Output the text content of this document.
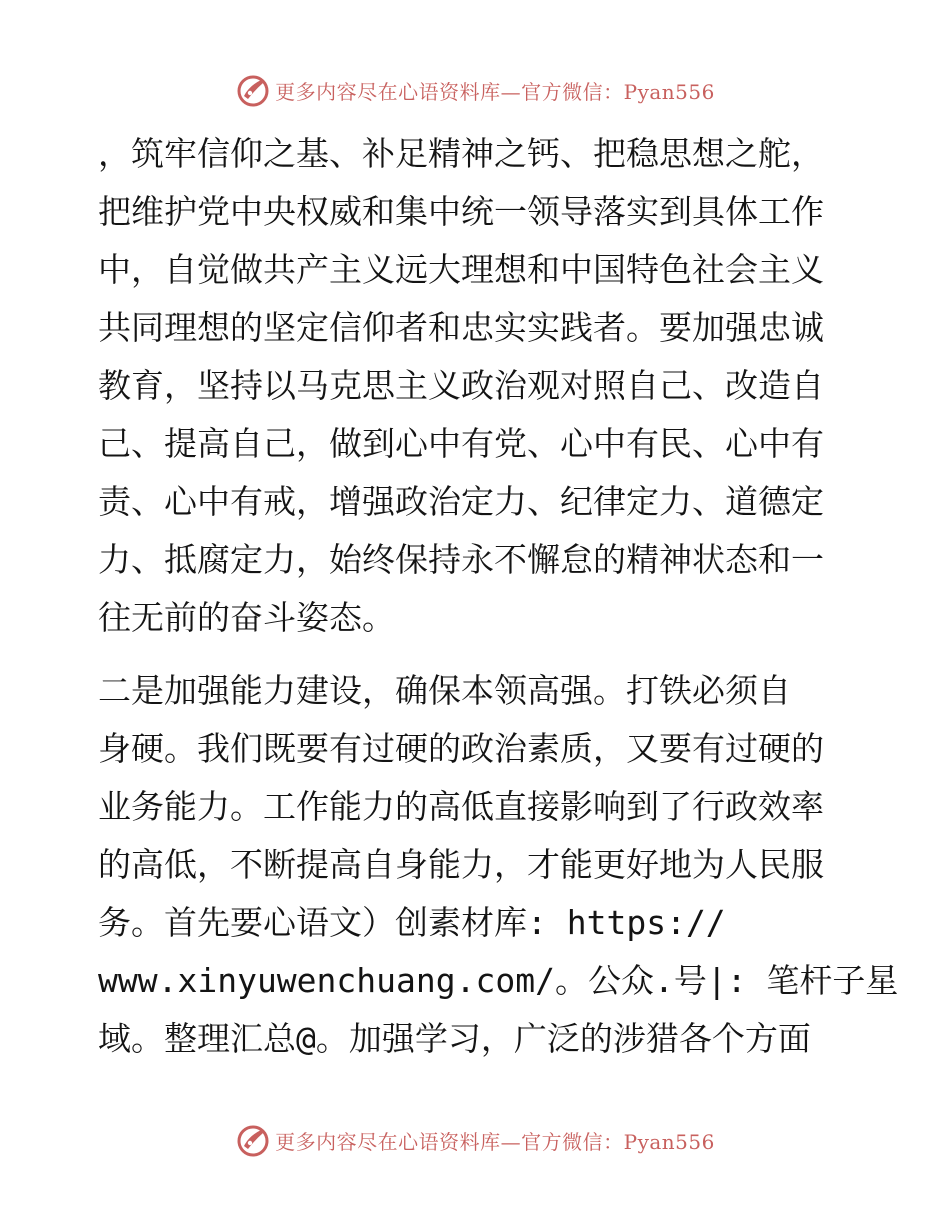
更多内容尽在心语资料库—官方微信：Pyan556

，筑牢信仰之基、补足精神之钙、把稳思想之舵，
把维护党中央权威和集中统一领导落实到具体工作
中，自觉做共产主义远大理想和中国特色社会主义
共同理想的坚定信仰者和忠实实践者。要加强忠诚
教育，坚持以马克思主义政治观对照自己、改造自
己、提高自己，做到心中有党、心中有民、心中有
责、心中有戒，增强政治定力、纪律定力、道德定
力、抵腐定力，始终保持永不懈怠的精神状态和一
往无前的奋斗姿态。

二是加强能力建设，确保本领高强。打铁必须自
身硬。我们既要有过硬的政治素质，又要有过硬的
业务能力。工作能力的高低直接影响到了行政效率
的高低，不断提高自身能力，才能更好地为人民服
务。首先要心语文）创素材库: https://
www.xinyuwenchuang.com/。公众.号|: 笔杆子星
域。整理汇总@。加强学习，广泛的涉猎各个方面

更多内容尽在心语资料库—官方微信：Pyan556
